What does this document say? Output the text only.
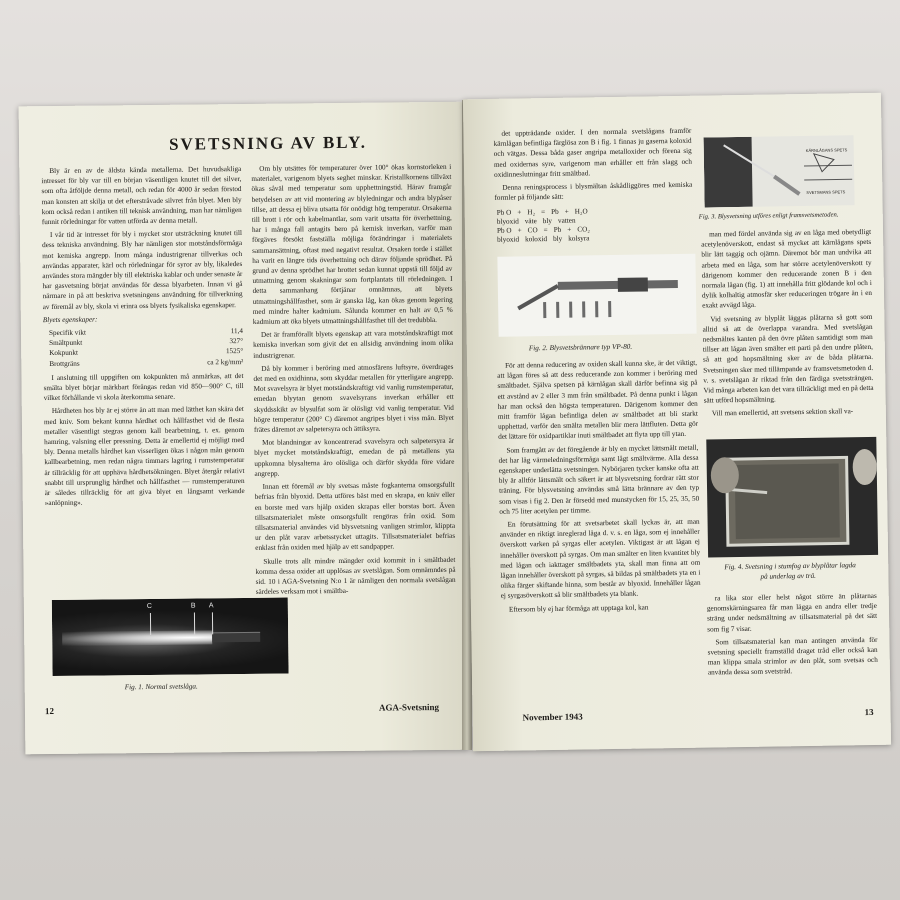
SVETSNING AV BLY.

Bly är en av de äldsta kända metallerna. Det huvudsakliga intresset för bly var till en början väsentligen knutet till det silver, som ofta åtföljde denna metall, och redan för 4000 år sedan förstod man konsten att skilja ut det efterstråvade silvret från blyet. Men bly kom också redan i antiken till teknisk användning, man har nämligen funnit rörledningar för vatten utförda av denna metall.

I vår tid är intresset för bly i mycket stor utsträckning knutet till dess tekniska användning. Bly har nämligen stor motståndsförmåga mot kemiska angrepp. Inom många industrigrenar tillverkas och användas apparater, kärl och rörledningar för syror av bly, likaledes användes stora mängder bly till elektriska kablar och under senaste år har gasvetsning börjat användas för dessa blyarbeten. Innan vi gå närmare in på att beskriva svetsningens användning för tillverkning av föremål av bly, skola vi erinra oss blyets fysikaliska egenskaper.

Blyets egenskaper:

Specifik vikt	11,4
Smältpunkt	327°
Kokpunkt	1525°
Brottgräns	ca 2 kg/mm²

I anslutning till uppgiften om kokpunkten må anmärkas, att det smälta blyet börjar märkbart förångas redan vid 850—900° C, till vilket förhållande vi skola återkomma senare.

Hårdheten hos bly är ej större än att man med lätthet kan skära det med kniv. Som bekant kunna hårdhet och hållfasthet vid de flesta metaller väsentligt stegras genom kall bearbetning, t. ex. genom hamring, valsning eller pressning. Detta är emellertid ej möjligt med bly. Denna metalls hårdhet kan visserligen ökas i någon mån genom kallbearbetning, men redan några timmars lagring i rumstemperatur är tillräcklig för att upphäva hårdhetsökningen. Blyet återgår relativt snabbt till ursprunglig hårdhet och hållfasthet — rumstemperaturen är således tillräcklig för att giva blyet en långsamt verkande »anlöpning».

Om bly utsättes för temperaturer över 100° ökas kornstorleken i materialet, varigenom blyets seghet minskar. Kristallkornens tillväxt ökas såväl med temperatur som upphettningstid. Härav framgår betydelsen av att vid montering av blyledningar och andra blypåser tillse, att dessa ej bliva utsatta för onödigt hög temperatur. Orsakerna till brott i rör och kabelmantlar, som varit utsatta för överhettning, har i många fall antagits bero på kemisk inverkan, varför man förgäves försökt fastställa möjliga förändringar i materialets sammansättning, oftast med negativt resultat. Orsaken torde i stället ha varit en längre tids överhettning och därav följande sprödhet. På grund av denna sprödhet har brottet sedan kunnat uppstå till följd av utmattning genom skakningar som fortplantats till rörledningen. I detta sammanhang förtjänar omnämnas, att blyets utmattningshållfasthet, som är ganska låg, kan ökas genom legering med mindre halter kadmium. Sålunda kommer en halt av 0,5 % kadmium att öka blyets utmattningshållfasthet till det tredubbla.

Det är framförallt blyets egenskap att vara motståndskraftigt mot kemiska inverkan som givit det en allsidig användning inom olika industrigrenar.

Då bly kommer i beröring med atmosfärens luftsyre, överdrages det med en oxidhinna, som skyddar metallen för ytterligare angrepp. Mot svavelsyra är blyet motståndskraftigt vid vanlig rumstemperatur, emedan blyytan genom svavelsyrans inverkan erhåller ett skyddsskikt av blysulfat som är olösligt vid vanlig temperatur. Vid högre temperatur (200° C) däremot angripes blyet i viss mån. Blyet frätes däremot av salpetersyra och ättiksyra.

Mot blandningar av koncentrerad svavelsyra och salpetersyra är blyet mycket motståndskraftigt, emedan de på metallens yta uppkomna blysalterna äro olösliga och därför skydda före vidare angrepp.

Innan ett föremål av bly svetsas måste fogkanterna omsorgsfullt befrias från blyoxid. Detta utföres bäst med en skrapa, en kniv eller en borste med vars hjälp oxiden skrapas eller borstas bort. Även tillsatsmaterialet måste omsorgsfullt rengöras från oxid. Som tillsatsmaterial användes vid blysvetsning vanligen strimlor, klippta ur den plåt varav arbetsstycket uttagits. Tillsatsmaterialet befrias enklast från oxiden med hjälp av ett sandpapper.

Skulle trots allt mindre mängder oxid kommit in i smältbadet komma dessa oxider att upplösas av svetslågan. Som omnämndes på sid. 10 i AGA-Svetsning N:o 1 är nämligen den normala svetslågan särdeles verksam mot i smältba-

C	B A
Fig. 1. Normal svetslåga.
12	AGA-Svetsning

det uppträdande oxider. I den normala svetslågans framför kärnlågan befintliga färglösa zon B i fig. 1 finnas ju gaserna koloxid och vätgas. Dessa båda gaser angripa metalloxider och förena sig med oxidernas syre, varigenom man erhåller ett från slagg och oxidinneslutningar fritt smältbad.

Denna reningsprocess i blysmältan åskådliggöres med kemiska formler på följande sätt:

Pb O + H₂ = Pb + H₂O
blyoxid väte bly vatten
Pb O + CO = Pb + CO₂
blyoxid koloxid bly kolsyra
Fig. 2. Blysvetsbrännare typ VP-80.

För att denna reducering av oxiden skall kunna ske, är det viktigt, att lågan föres så att dess reducerande zon kommer i beröring med smältbadet. Själva spetsen på kärnlågan skall därför befinna sig på ett avstånd av 2 eller 3 mm från smältbadet. På denna punkt i lågan har man också den högsta temperaturen. Därigenom kommer den mitt framför lågan befintliga delen av smältbadet att bli starkt upphettad, varför den smälta metallen blir mera lättfluten. Detta gör det lättare för oxidpartiklar inuti smältbadet att flyta upp till ytan.

Som framgått av det föregående är bly en mycket lättsmält metall, det har låg värmeledningsförmåga samt lågt smältvärme. Alla dessa egenskaper underlätta svetsningen. Nybörjaren tycker kanske ofta att bly är alltför lättsmält och säkert är att blysvetsning fordrar rätt stor träning. För blysvetsning användas små lätta brännare av den typ som visas i fig 2. Den är försedd med munstycken för 15, 25, 35, 50 och 75 liter acetylen per timme.

En förutsättning för att svetsarbetet skall lyckas är, att man använder en riktigt inreglerad låga d. v. s. en låga, som ej innehåller överskott varken på syrgas eller acetylen. Viktigast är att lågan ej innehåller överskott på syrgas. Om man smälter en liten kvantitet bly med lågan och iakttager smältbadets yta, skall man finna att om lågan innehåller överskott på syrgas, så bildas på smältbadets yta en i olika färger skiftande hinna, som består av blyoxid. Innehåller lågan ej syrgasöverskott så blir smältbadets yta blank.

Eftersom bly ej har förmåga att upptaga kol, kan

KÄRNLÅGANS SPETS
SVETSMANS SPETS
Fig. 3. Blysvetsning utföres enligt framsvetsmetoden.

man med fördel använda sig av en låga med obetydligt acetylenöverskott, endast så mycket att kärnlågans spets blir lätt taggig och ojämn. Däremot bör man undvika att arbeta med en låga, som har större acetylenöverskott ty därigenom kommer den reducerande zonen B i den normala lågan (fig. 1) att innehålla fritt glödande kol och i dylik kolhaltig atmosfär sker reduceringen trögare än i en exakt avvägd låga.

Vid svetsning av blyplåt läggas plåtarna så gott som alltid så att de överlappa varandra. Med svetslågan nedsmältes kanten på den övre plåten samtidigt som man tillser att lågan även smälter ett parti på den undre plåten, så att god hopsmältning sker av de båda plåtarna. Svetsningen sker med tillämpande av framsvetsmetoden d. v. s. svetslågan är riktad från den färdiga svetssträngen. Vid många arbeten kan det vara tillräckligt med en på detta sätt utförd hopsmältning.

Vill man emellertid, att svetsens sektion skall va-

Fig. 4. Svetsning i stumfog av blyplåtar lagda
på underlag av trä.

ra lika stor eller helst något större än plåtarnas genomskärningsarea får man lägga en andra eller tredje sträng under nedsmältning av tillsatsmaterial på det sätt som fig 7 visar.

Som tillsatsmaterial kan man antingen använda för svetsning speciellt framställd draget tråd eller också kan man klippa smala strimlor av den plåt, som svetsas och använda dessa som svetstråd.

November 1943	13
